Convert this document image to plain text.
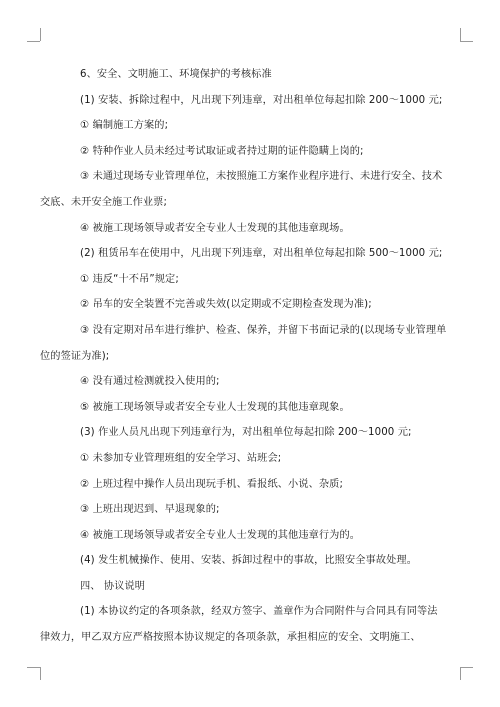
6、安全、文明施工、环境保护的考核标准
(1) 安装、拆除过程中，凡出现下列违章，对出租单位每起扣除 200～1000 元;
① 编制施工方案的;
② 特种作业人员未经过考试取证或者持过期的证件隐瞒上岗的;
③ 未通过现场专业管理单位，未按照施工方案作业程序进行、未进行安全、技术
交底、未开安全施工作业票;
④ 被施工现场领导或者安全专业人士发现的其他违章现场。
(2) 租赁吊车在使用中，凡出现下列违章，对出租单位每起扣除 500～1000 元;
① 违反“十不吊”规定;
② 吊车的安全装置不完善或失效(以定期或不定期检查发现为准);
③ 没有定期对吊车进行维护、检查、保养，并留下书面记录的(以现场专业管理单
位的签证为准);
④ 没有通过检测就投入使用的;
⑤ 被施工现场领导或者安全专业人士发现的其他违章现象。
(3) 作业人员凡出现下列违章行为，对出租单位每起扣除 200～1000 元;
① 未参加专业管理班组的安全学习、站班会;
② 上班过程中操作人员出现玩手机、看报纸、小说、杂质;
③ 上班出现迟到、早退现象的;
④ 被施工现场领导或者安全专业人士发现的其他违章行为的。
(4) 发生机械操作、使用、安装、拆卸过程中的事故，比照安全事故处理。
四、 协议说明
(1) 本协议约定的各项条款，经双方签字、盖章作为合同附件与合同具有同等法
律效力，甲乙双方应严格按照本协议规定的各项条款，承担相应的安全、文明施工、
